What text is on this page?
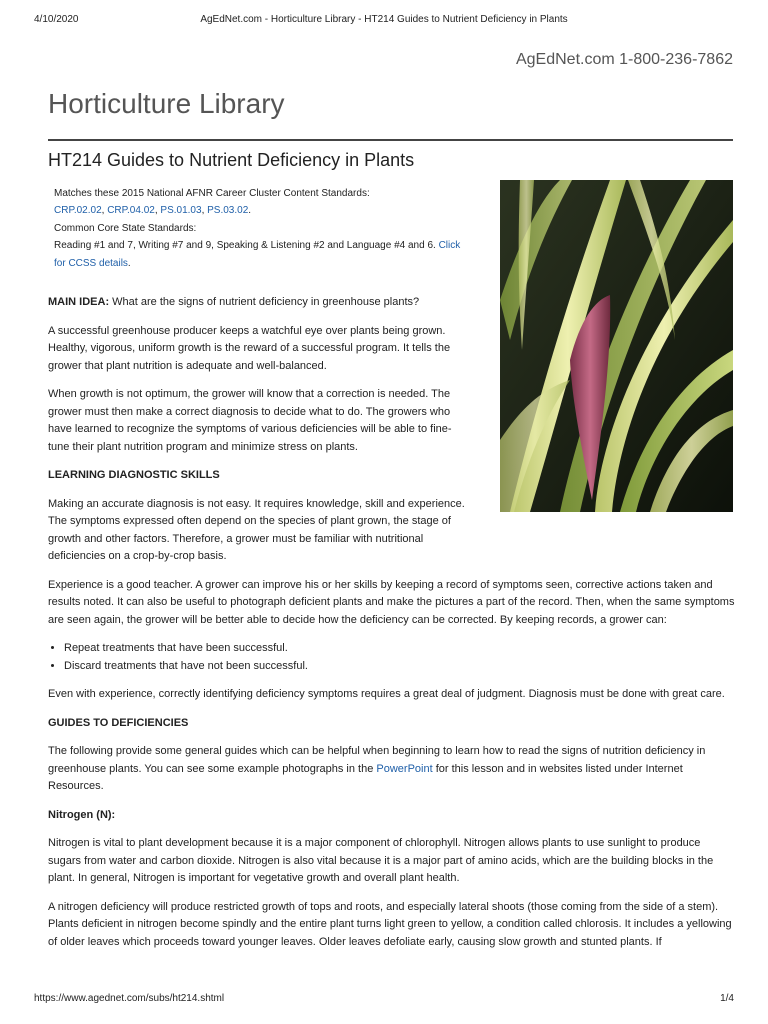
4/10/2020	AgEdNet.com - Horticulture Library - HT214 Guides to Nutrient Deficiency in Plants
AgEdNet.com 1-800-236-7862
Horticulture Library
HT214 Guides to Nutrient Deficiency in Plants
Matches these 2015 National AFNR Career Cluster Content Standards:
CRP.02.02, CRP.04.02, PS.01.03, PS.03.02.
Common Core State Standards:
Reading #1 and 7, Writing #7 and 9, Speaking & Listening #2 and Language #4 and 6. Click
for CCSS details.

MAIN IDEA: What are the signs of nutrient deficiency in greenhouse plants?

A successful greenhouse producer keeps a watchful eye over plants being grown. Healthy, vigorous, uniform growth is the reward of a successful program. It tells the grower that plant nutrition is adequate and well-balanced.

When growth is not optimum, the grower will know that a correction is needed. The grower must then make a correct diagnosis to decide what to do. The growers who have learned to recognize the symptoms of various deficiencies will be able to fine-tune their plant nutrition program and minimize stress on plants.

LEARNING DIAGNOSTIC SKILLS

Making an accurate diagnosis is not easy. It requires knowledge, skill and experience. The symptoms expressed often depend on the species of plant grown, the stage of growth and other factors. Therefore, a grower must be familiar with nutritional deficiencies on a crop-by-crop basis.

Experience is a good teacher. A grower can improve his or her skills by keeping a record of symptoms seen, corrective actions taken and results noted. It can also be useful to photograph deficient plants and make the pictures a part of the record. Then, when the same symptoms are seen again, the grower will be better able to decide how the deficiency can be corrected. By keeping records, a grower can:

• Repeat treatments that have been successful.
• Discard treatments that have not been successful.

Even with experience, correctly identifying deficiency symptoms requires a great deal of judgment. Diagnosis must be done with great care.

GUIDES TO DEFICIENCIES

The following provide some general guides which can be helpful when beginning to learn how to read the signs of nutrition deficiency in greenhouse plants. You can see some example photographs in the PowerPoint for this lesson and in websites listed under Internet Resources.

Nitrogen (N):

Nitrogen is vital to plant development because it is a major component of chlorophyll. Nitrogen allows plants to use sunlight to produce sugars from water and carbon dioxide. Nitrogen is also vital because it is a major part of amino acids, which are the building blocks in the plant. In general, Nitrogen is important for vegetative growth and overall plant health.

A nitrogen deficiency will produce restricted growth of tops and roots, and especially lateral shoots (those coming from the side of a stem). Plants deficient in nitrogen become spindly and the entire plant turns light green to yellow, a condition called chlorosis. It includes a yellowing of older leaves which proceeds toward younger leaves. Older leaves defoliate early, causing slow growth and stunted plants. If

https://www.agednet.com/subs/ht214.shtml	1/4
